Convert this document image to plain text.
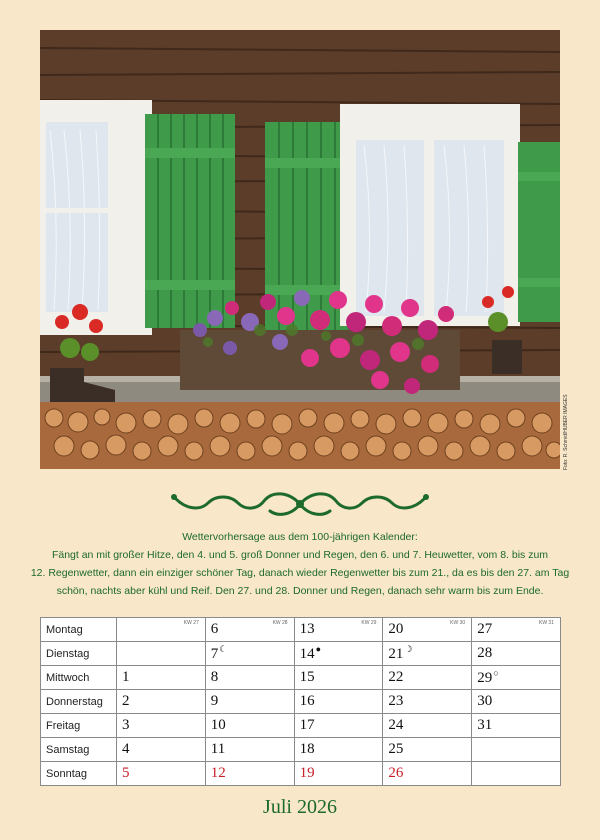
Foto: R. Schmid/HUBER IMAGES
Wettervorhersage aus dem 100-jährigen Kalender:
Fängt an mit großer Hitze, den 4. und 5. groß Donner und Regen, den 6. und 7. Heuwetter, vom 8. bis zum
12. Regenwetter, dann ein einziger schöner Tag, danach wieder Regenwetter bis zum 21., da es bis den 27. am Tag
schön, nachts aber kühl und Reif. Den 27. und 28. Donner und Regen, danach sehr warm bis zum Ende.
Montag	KW 27	6 KW 28	13 KW 29	20 KW 30	27 KW 31

Dienstag		7☾	14●	21☽	28
Mittwoch	1	8	15	22	29○
Donnerstag	2	9	16	23	30
Freitag	3	10	17	24	31
Samstag	4	11	18	25	
Sonntag	5	12	19	26	
Juli 2026
